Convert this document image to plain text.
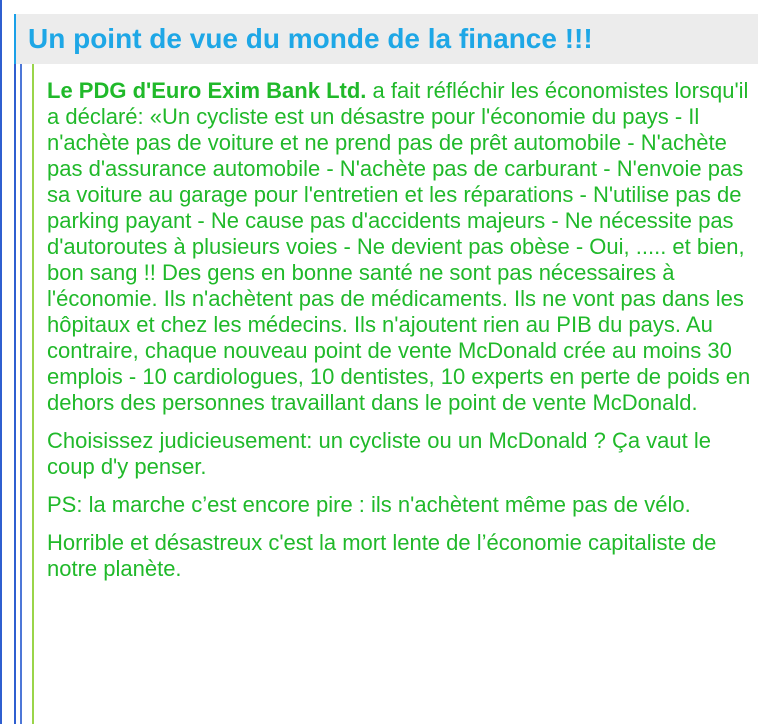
Un point de vue du monde de la finance !!!

Le PDG d'Euro Exim Bank Ltd. a fait réfléchir les économistes lorsqu'il a déclaré: «Un cycliste est un désastre pour l'économie du pays - Il n'achète pas de voiture et ne prend pas de prêt automobile - N'achète pas d'assurance automobile - N'achète pas de carburant - N'envoie pas sa voiture au garage pour l'entretien et les réparations - N'utilise pas de parking payant - Ne cause pas d'accidents majeurs - Ne nécessite pas d'autoroutes à plusieurs voies - Ne devient pas obèse - Oui, ..... et bien, bon sang !! Des gens en bonne santé ne sont pas nécessaires à l'économie. Ils n'achètent pas de médicaments. Ils ne vont pas dans les hôpitaux et chez les médecins. Ils n'ajoutent rien au PIB du pays. Au contraire, chaque nouveau point de vente McDonald crée au moins 30 emplois - 10 cardiologues, 10 dentistes, 10 experts en perte de poids en dehors des personnes travaillant dans le point de vente McDonald.

Choisissez judicieusement: un cycliste ou un McDonald ? Ça vaut le coup d'y penser.

PS: la marche c’est encore pire : ils n'achètent même pas de vélo.

Horrible et désastreux c'est la mort lente de l’économie capitaliste de notre planète.
